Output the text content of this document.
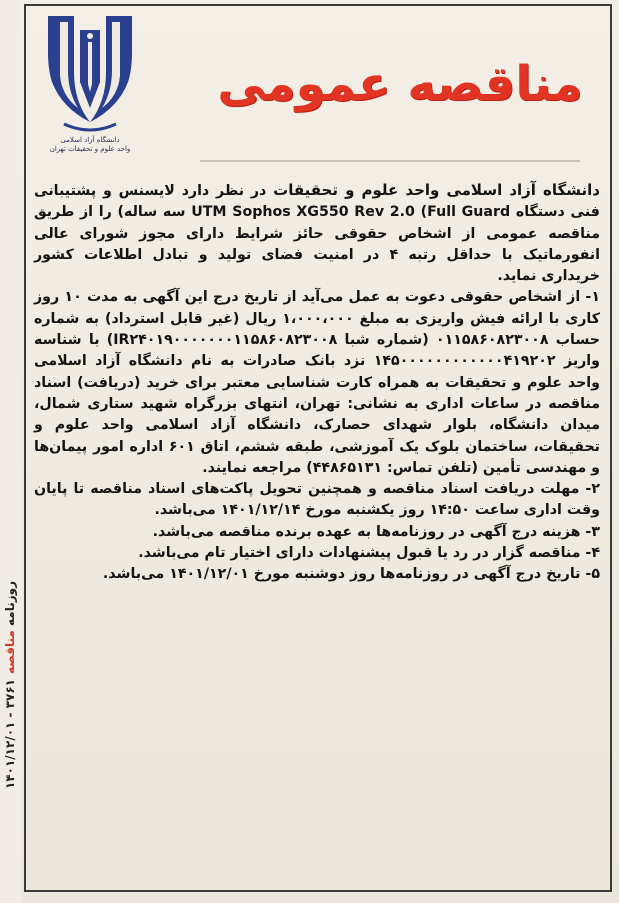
روزنامه مناقصه ۳۷۶۱ - ۱۴۰۱/۱۲/۰۱
دانشگاه آزاد اسلامی
واحد علوم و تحقیقات تهران
مناقصه عمومی

دانشگاه آزاد اسلامی واحد علوم و تحقیقات در نظر دارد لایسنس و پشتیبانی فنی دستگاه UTM Sophos XG550 Rev 2.0 (Full Guard سه ساله) را از طریق مناقصه عمومی از اشخاص حقوقی حائز شرایط دارای مجوز شورای عالی انفورماتیک با حداقل رتبه ۴ در امنیت فضای تولید و تبادل اطلاعات کشور خریداری نماید.

۱- از اشخاص حقوقی دعوت به عمل می‌آید از تاریخ درج این آگهی به مدت ۱۰ روز کاری با ارائه فیش واریزی به مبلغ ۱،۰۰۰،۰۰۰ ریال (غیر قابل استرداد) به شماره حساب ۰۱۱۵۸۶۰۸۲۳۰۰۸ (شماره شبا IR۲۴۰۱۹۰۰۰۰۰۰۰۱۱۵۸۶۰۸۲۳۰۰۸) با شناسه واریز ۱۴۵۰۰۰۰۰۰۰۰۰۰۰۰۴۱۹۲۰۲ نزد بانک صادرات به نام دانشگاه آزاد اسلامی واحد علوم و تحقیقات به همراه کارت شناسایی معتبر برای خرید (دریافت) اسناد مناقصه در ساعات اداری به نشانی: تهران، انتهای بزرگراه شهید ستاری شمال، میدان دانشگاه، بلوار شهدای حصارک، دانشگاه آزاد اسلامی واحد علوم و تحقیقات، ساختمان بلوک یک آموزشی، طبقه ششم، اتاق ۶۰۱ اداره امور پیمان‌ها و مهندسی تأمین (تلفن تماس: ۴۴۸۶۵۱۳۱) مراجعه نمایند.

۲- مهلت دریافت اسناد مناقصه و همچنین تحویل پاکت‌های اسناد مناقصه تا پایان وقت اداری ساعت ۱۴:۵۰ روز یکشنبه مورخ ۱۴۰۱/۱۲/۱۴ می‌باشد.

۳- هزینه درج آگهی در روزنامه‌ها به عهده برنده مناقصه می‌باشد.

۴- مناقصه گزار در رد یا قبول پیشنهادات دارای اختیار تام می‌باشد.

۵- تاریخ درج آگهی در روزنامه‌ها روز دوشنبه مورخ ۱۴۰۱/۱۲/۰۱ می‌باشد.
